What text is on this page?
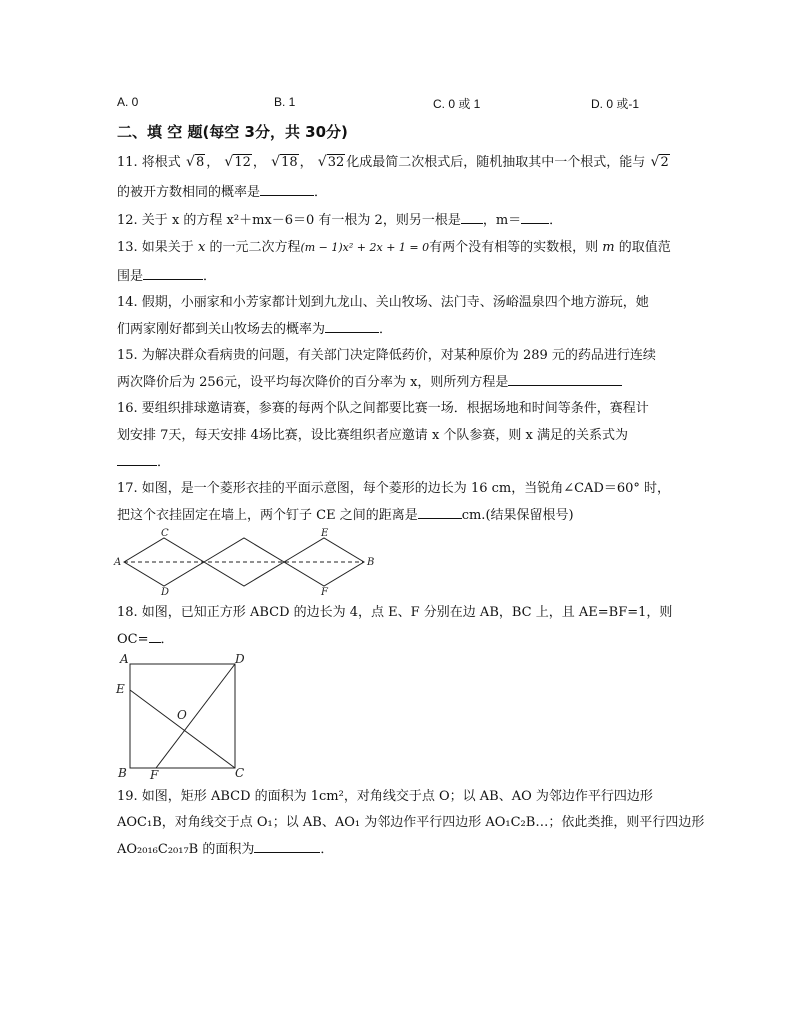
A. 0	B. 1	C. 0 或 1	D. 0 或-1
二、填 空 题(每空 3分，共 30分)
11. 将根式 √ 8 ， √ 12 ， √ 18 ， √ 32 化成最简二次根式后，随机抽取其中一个根式，能与 √ 2
的被开方数相同的概率是	．
12. 关于 x 的方程 x²＋mx－6＝0 有一根为 2，则另一根是 ，m＝ ．
13. 如果关于 x 的一元二次方程(m − 1)x² + 2x + 1 = 0有两个没有相等的实数根，则 m 的取值范
围是	．
14. 假期，小丽家和小芳家都计划到九龙山、关山牧场、法门寺、汤峪温泉四个地方游玩，她
们两家刚好都到关山牧场去的概率为	．
15. 为解决群众看病贵的问题，有关部门决定降低药价，对某种原价为 289 元的药品进行连续
两次降价后为 256元，设平均每次降价的百分率为 x，则所列方程是
16. 要组织排球邀请赛，参赛的每两个队之间都要比赛一场．根据场地和时间等条件，赛程计
划安排 7天，每天安排 4场比赛，设比赛组织者应邀请 x 个队参赛，则 x 满足的关系式为
．
17. 如图，是一个菱形衣挂的平面示意图，每个菱形的边长为 16 cm，当锐角∠CAD＝60° 时，
把这个衣挂固定在墙上，两个钉子 CE 之间的距离是	cm.(结果保留根号)
A	B
C
D
E
F
18. 如图，已知正方形 ABCD 的边长为 4，点 E、F 分别在边 AB，BC 上，且 AE=BF=1，则
OC= ．
A
B	C
D
E
F
O
19. 如图，矩形 ABCD 的面积为 1cm²，对角线交于点 O；以 AB、AO 为邻边作平行四边形
AOC₁B，对角线交于点 O₁；以 AB、AO₁ 为邻边作平行四边形 AO₁C₂B…；依此类推，则平行四边形
AO₂₀₁₆C₂₀₁₇B 的面积为	．
